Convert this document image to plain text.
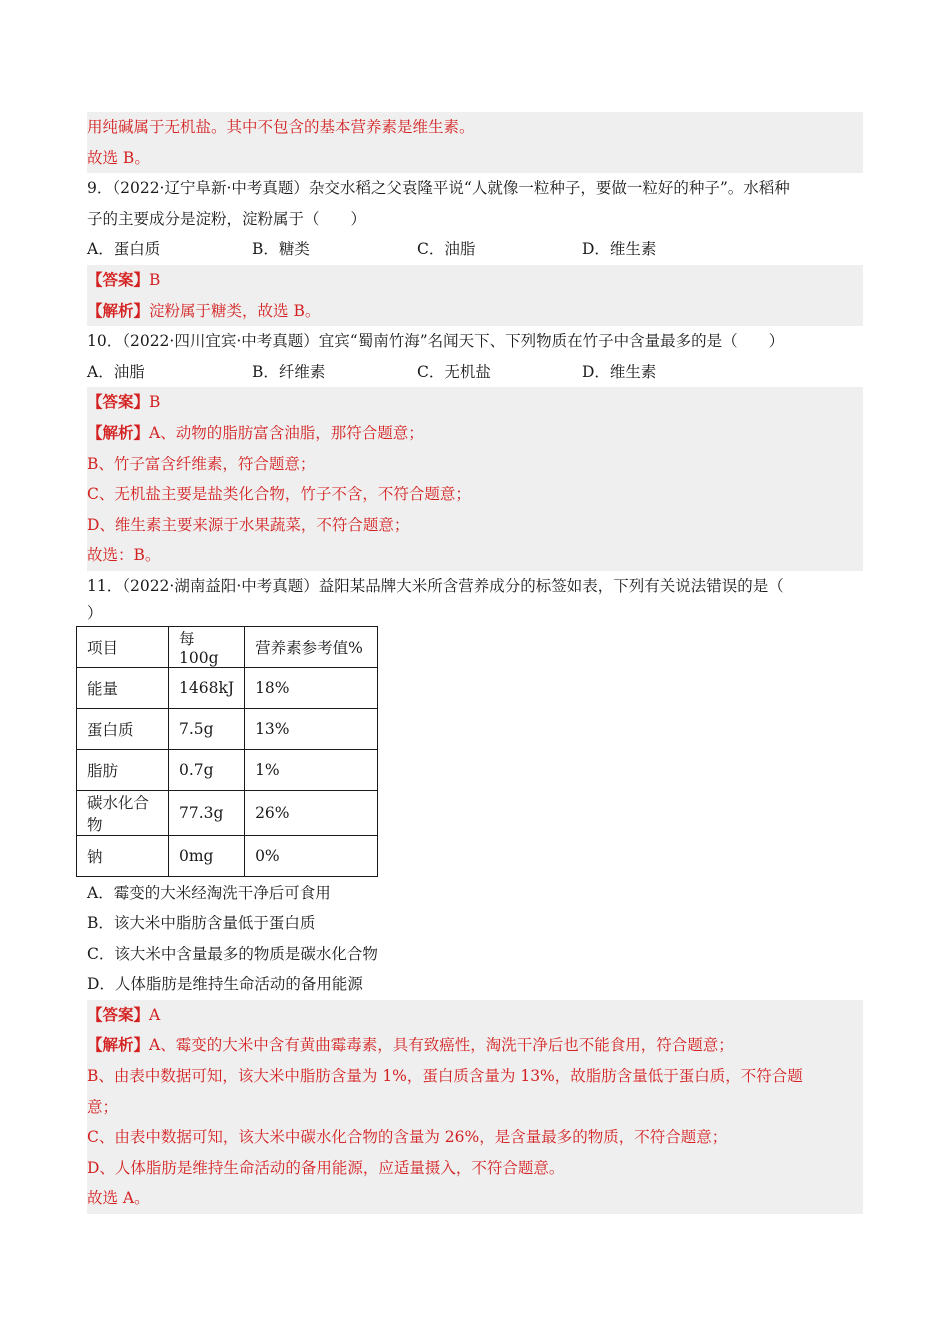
用纯碱属于无机盐。其中不包含的基本营养素是维生素。
故选 B。
9．（2022·辽宁阜新·中考真题）杂交水稻之父袁隆平说“人就像一粒种子，要做一粒好的种子”。水稻种
子的主要成分是淀粉，淀粉属于（　　）
A．蛋白质	B．糖类	C．油脂	D．维生素
【答案】B
【解析】淀粉属于糖类，故选 B。
10．（2022·四川宜宾·中考真题）宜宾“蜀南竹海”名闻天下、下列物质在竹子中含量最多的是（　　）
A．油脂	B．纤维素	C．无机盐	D．维生素
【答案】B
【解析】A、动物的脂肪富含油脂，那符合题意；
B、竹子富含纤维素，符合题意；
C、无机盐主要是盐类化合物，竹子不含，不符合题意；
D、维生素主要来源于水果蔬菜，不符合题意；
故选：B。
11．（2022·湖南益阳·中考真题）益阳某品牌大米所含营养成分的标签如表，下列有关说法错误的是（
）
项目	每 100g	营养素参考值%
能量	1468kJ	18%
蛋白质	7.5g	13%
脂肪	0.7g	1%
碳水化合物	77.3g	26%
钠	0mg	0%
A．霉变的大米经淘洗干净后可食用
B．该大米中脂肪含量低于蛋白质
C．该大米中含量最多的物质是碳水化合物
D．人体脂肪是维持生命活动的备用能源
【答案】A
【解析】A、霉变的大米中含有黄曲霉毒素，具有致癌性，淘洗干净后也不能食用，符合题意；
B、由表中数据可知，该大米中脂肪含量为 1%，蛋白质含量为 13%，故脂肪含量低于蛋白质，不符合题
意；
C、由表中数据可知，该大米中碳水化合物的含量为 26%，是含量最多的物质，不符合题意；
D、人体脂肪是维持生命活动的备用能源，应适量摄入，不符合题意。
故选 A。
